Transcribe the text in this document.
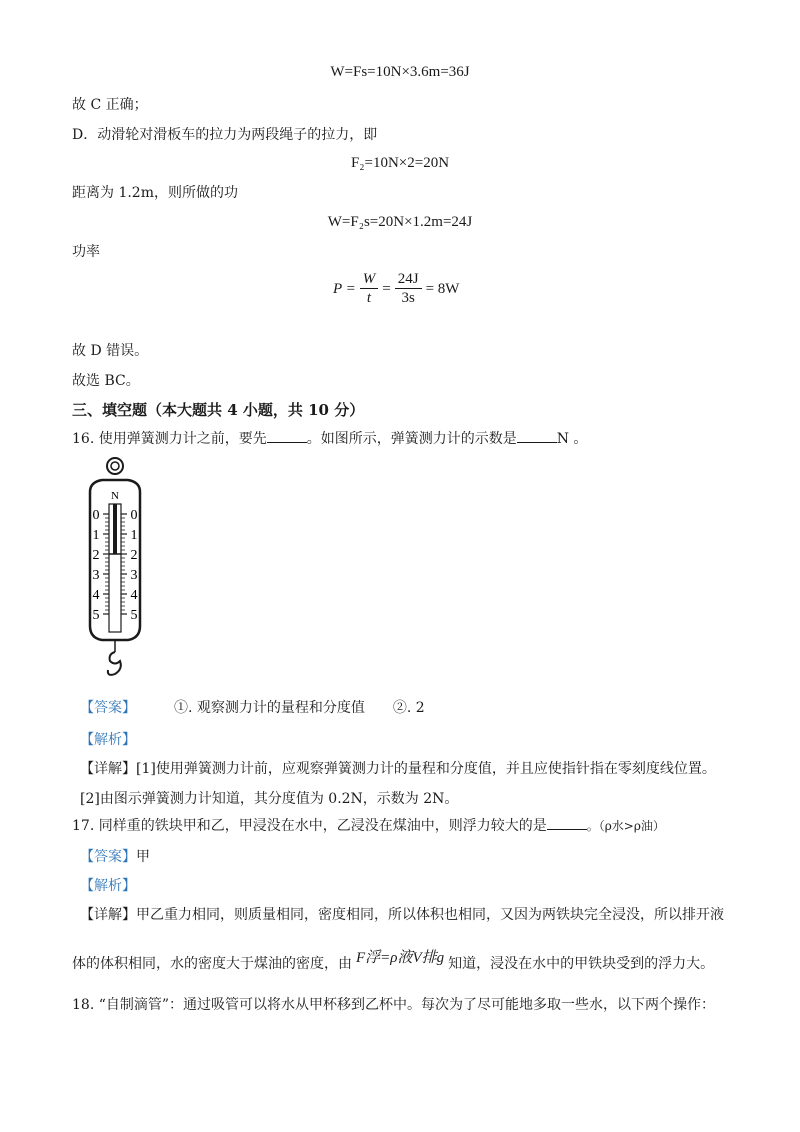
W=Fs=10N×3.6m=36J
故 C 正确；
D．动滑轮对滑板车的拉力为两段绳子的拉力，即
F₂=10N×2=20N
距离为 1.2m，则所做的功
W=F₂s=20N×1.2m=24J
功率
$P = \frac{W}{t} = \frac{24J}{3s} = 8W$
故 D 错误。
故选 BC。
三、填空题（本大题共 4 小题，共 10 分）
16. 使用弹簧测力计之前，要先	。如图所示，弹簧测力计的示数是	N 。
N
0
1
2
3
4
5
0
1
2
3
4
5
【答案】	①. 观察测力计的量程和分度值　　②. 2
【解析】
【详解】[1]使用弹簧测力计前，应观察弹簧测力计的量程和分度值，并且应使指针指在零刻度线位置。
[2]由图示弹簧测力计知道，其分度值为 0.2N，示数为 2N。
17. 同样重的铁块甲和乙，甲浸没在水中，乙浸没在煤油中，则浮力较大的是	。（ρ水>ρ油）
【答案】甲
【解析】
【详解】甲乙重力相同，则质量相同，密度相同，所以体积也相同，又因为两铁块完全浸没，所以排开液
体的体积相同，水的密度大于煤油的密度，由 F浮=ρ液V排g 知道，浸没在水中的甲铁块受到的浮力大。
18. “自制滴管”：通过吸管可以将水从甲杯移到乙杯中。每次为了尽可能地多取一些水，以下两个操作：
